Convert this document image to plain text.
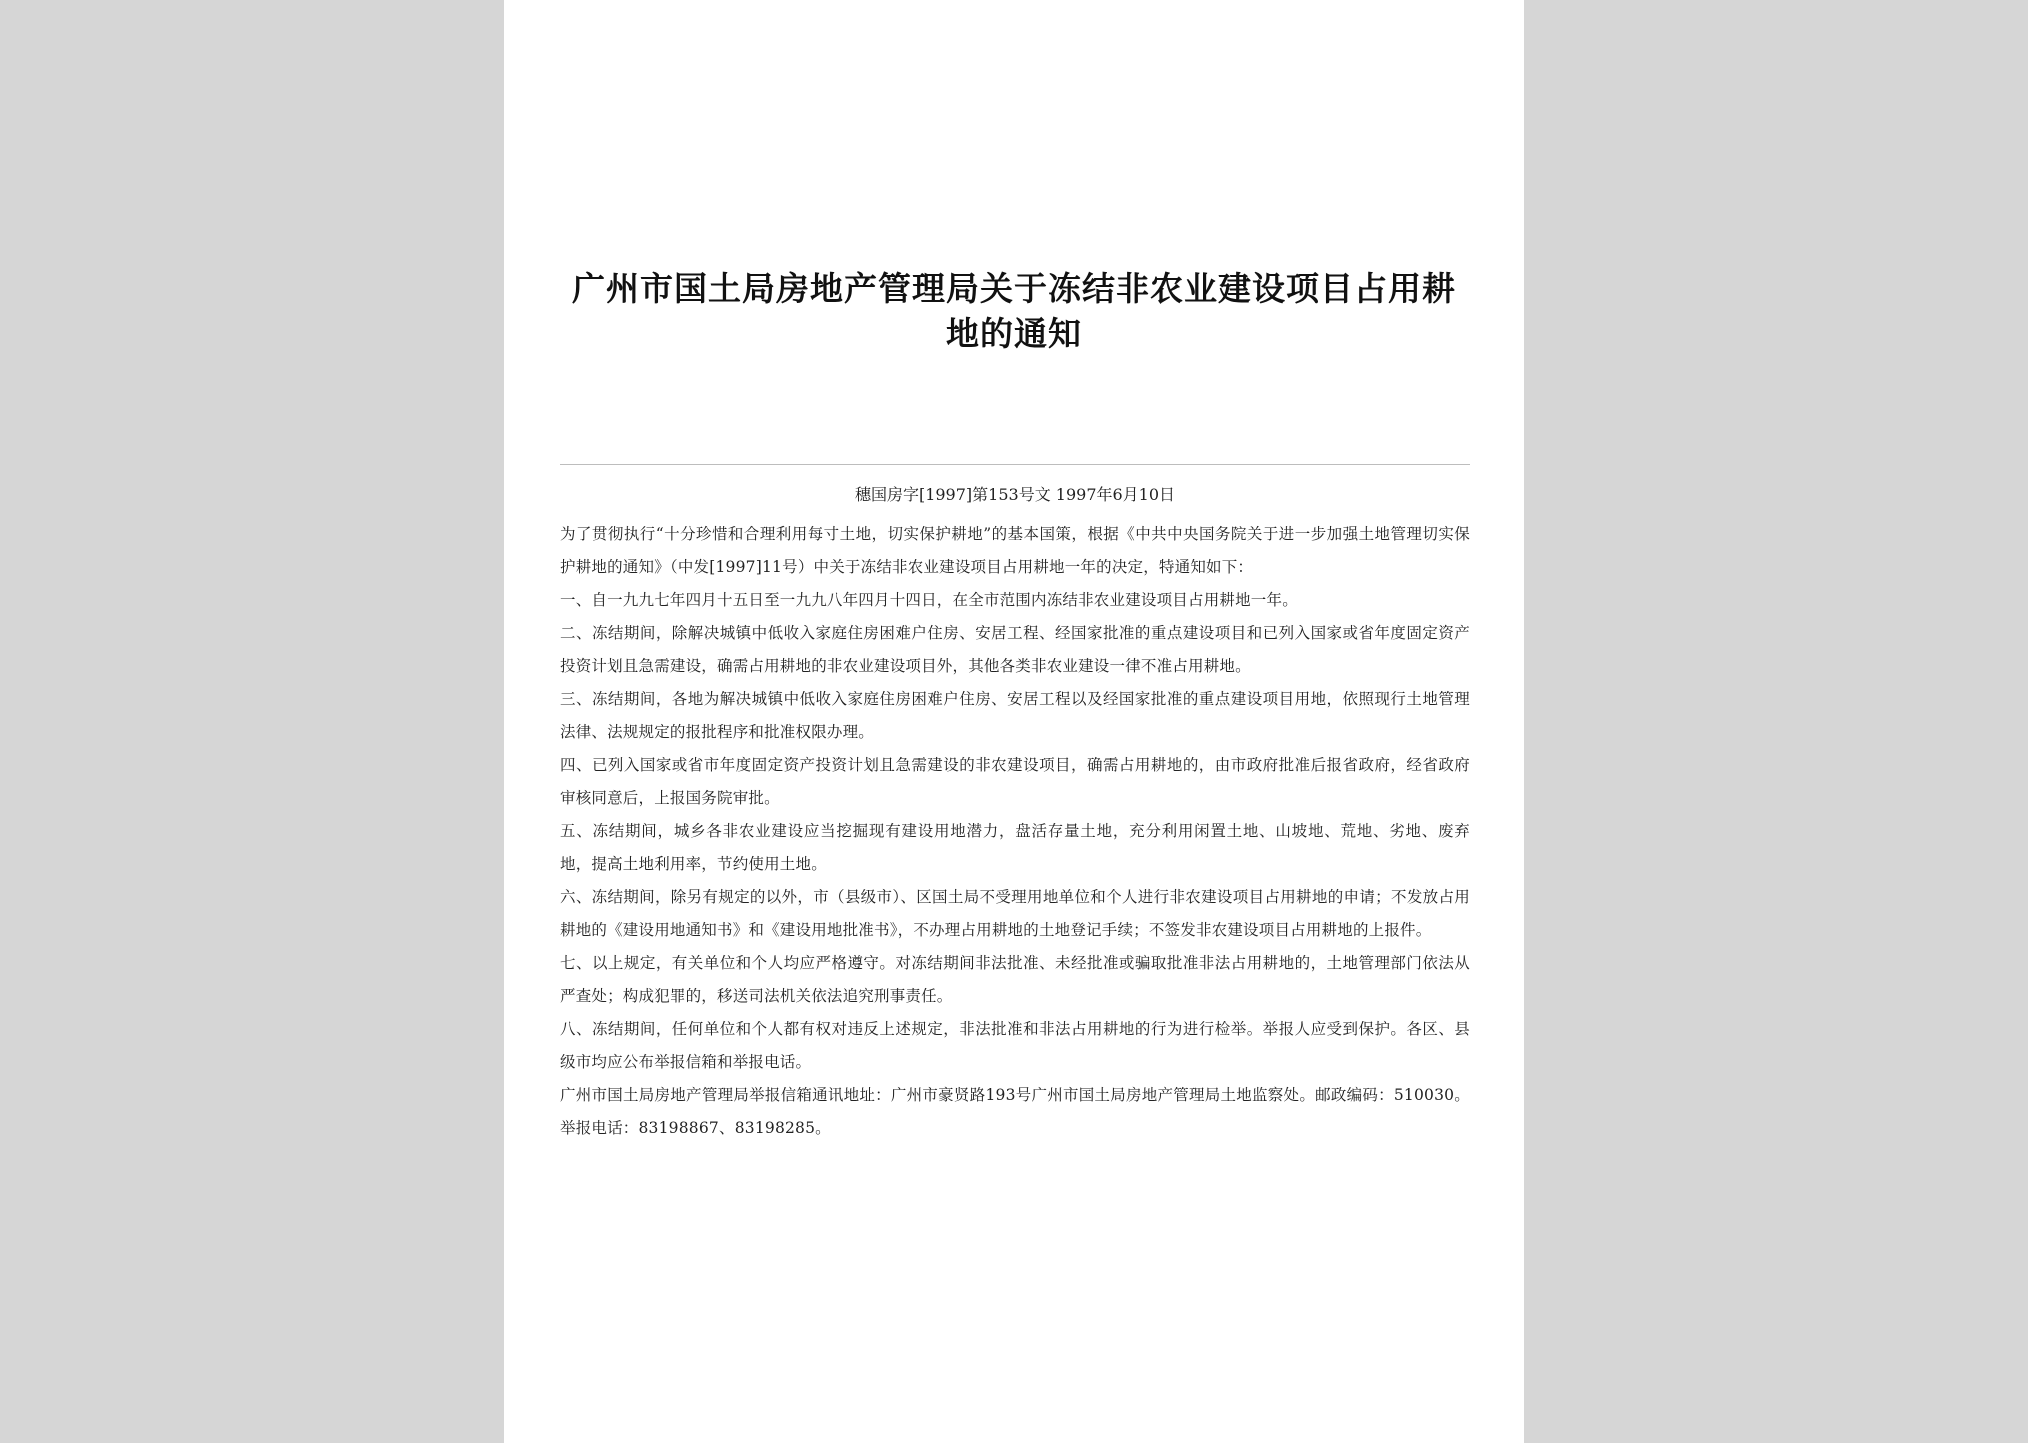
广州市国土局房地产管理局关于冻结非农业建设项目占用耕地的通知
穗国房字[1997]第153号文 1997年6月10日

为了贯彻执行“十分珍惜和合理利用每寸土地，切实保护耕地”的基本国策，根据《中共中央国务院关于进一步加强土地管理切实保护耕地的通知》（中发[1997]11号）中关于冻结非农业建设项目占用耕地一年的决定，特通知如下：

一、自一九九七年四月十五日至一九九八年四月十四日，在全市范围内冻结非农业建设项目占用耕地一年。

二、冻结期间，除解决城镇中低收入家庭住房困难户住房、安居工程、经国家批准的重点建设项目和已列入国家或省年度固定资产投资计划且急需建设，确需占用耕地的非农业建设项目外，其他各类非农业建设一律不准占用耕地。

三、冻结期间，各地为解决城镇中低收入家庭住房困难户住房、安居工程以及经国家批准的重点建设项目用地，依照现行土地管理法律、法规规定的报批程序和批准权限办理。

四、已列入国家或省市年度固定资产投资计划且急需建设的非农建设项目，确需占用耕地的，由市政府批准后报省政府，经省政府审核同意后，上报国务院审批。

五、冻结期间，城乡各非农业建设应当挖掘现有建设用地潜力，盘活存量土地，充分利用闲置土地、山坡地、荒地、劣地、废弃地，提高土地利用率，节约使用土地。

六、冻结期间，除另有规定的以外，市（县级市）、区国土局不受理用地单位和个人进行非农建设项目占用耕地的申请；不发放占用耕地的《建设用地通知书》和《建设用地批准书》，不办理占用耕地的土地登记手续；不签发非农建设项目占用耕地的上报件。

七、以上规定，有关单位和个人均应严格遵守。对冻结期间非法批准、未经批准或骗取批准非法占用耕地的，土地管理部门依法从严查处；构成犯罪的，移送司法机关依法追究刑事责任。

八、冻结期间，任何单位和个人都有权对违反上述规定，非法批准和非法占用耕地的行为进行检举。举报人应受到保护。各区、县级市均应公布举报信箱和举报电话。

广州市国土局房地产管理局举报信箱通讯地址：广州市豪贤路193号广州市国土局房地产管理局土地监察处。邮政编码：510030。举报电话：83198867、83198285。
